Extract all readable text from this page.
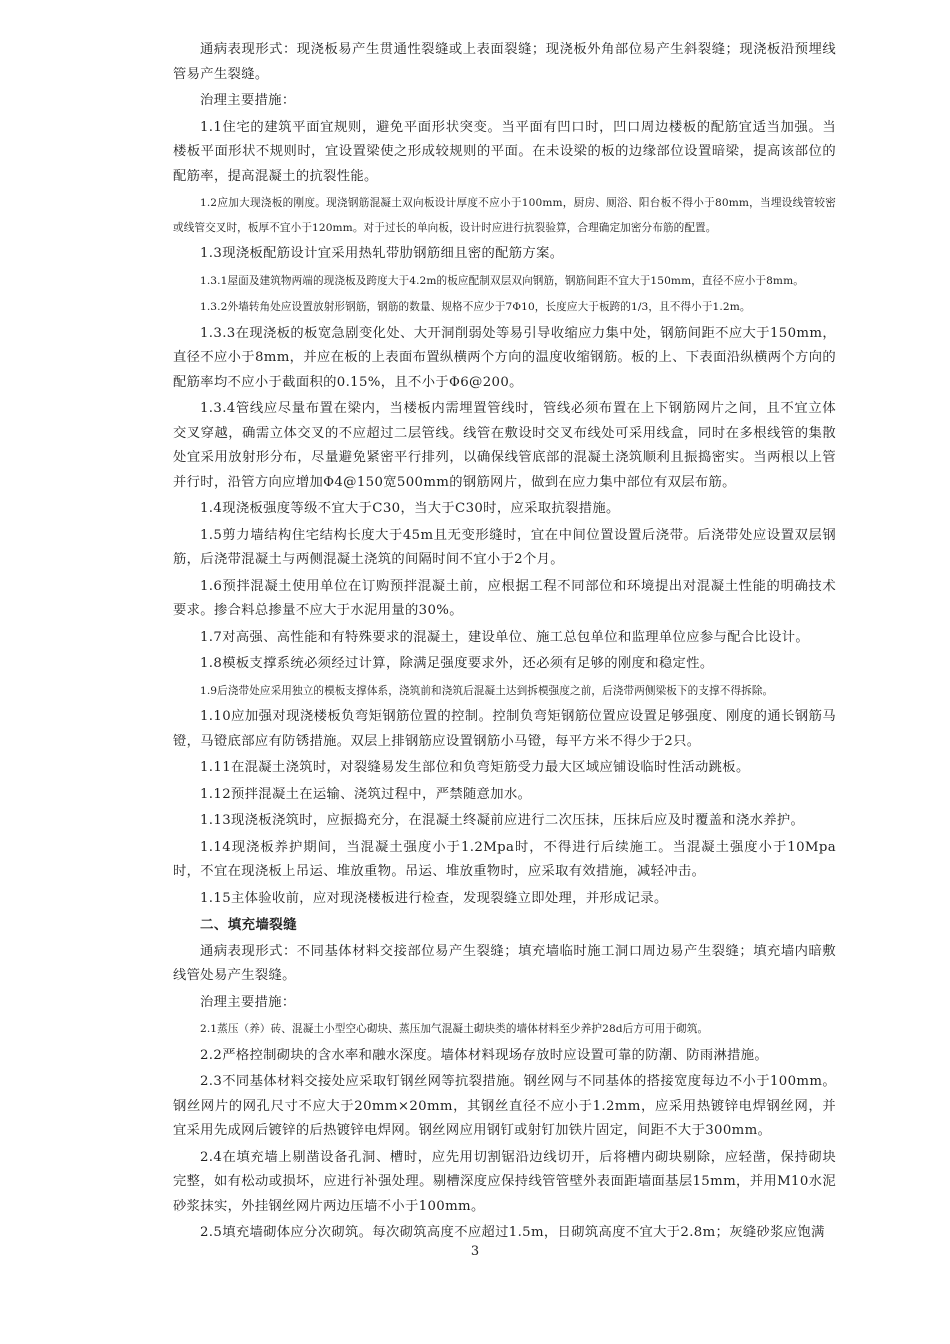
通病表现形式：现浇板易产生贯通性裂缝或上表面裂缝；现浇板外角部位易产生斜裂缝；现浇板沿预埋线管易产生裂缝。

治理主要措施：

1.1住宅的建筑平面宜规则，避免平面形状突变。当平面有凹口时，凹口周边楼板的配筋宜适当加强。当楼板平面形状不规则时，宜设置梁使之形成较规则的平面。在未设梁的板的边缘部位设置暗梁，提高该部位的配筋率，提高混凝土的抗裂性能。

1.2应加大现浇板的刚度。现浇钢筋混凝土双向板设计厚度不应小于100mm，厨房、厕浴、阳台板不得小于80mm，当埋设线管较密或线管交叉时，板厚不宜小于120mm。对于过长的单向板，设计时应进行抗裂验算，合理确定加密分布筋的配置。

1.3现浇板配筋设计宜采用热轧带肋钢筋细且密的配筋方案。

1.3.1屋面及建筑物两端的现浇板及跨度大于4.2m的板应配制双层双向钢筋，钢筋间距不宜大于150mm，直径不应小于8mm。

1.3.2外墙转角处应设置放射形钢筋，钢筋的数量、规格不应少于7Φ10，长度应大于板跨的1/3，且不得小于1.2m。

1.3.3在现浇板的板宽急剧变化处、大开洞削弱处等易引导收缩应力集中处，钢筋间距不应大于150mm，直径不应小于8mm，并应在板的上表面布置纵横两个方向的温度收缩钢筋。板的上、下表面沿纵横两个方向的配筋率均不应小于截面积的0.15%，且不小于Φ6@200。

1.3.4管线应尽量布置在梁内，当楼板内需埋置管线时，管线必须布置在上下钢筋网片之间，且不宜立体交叉穿越，确需立体交叉的不应超过二层管线。线管在敷设时交叉布线处可采用线盒，同时在多根线管的集散处宜采用放射形分布，尽量避免紧密平行排列，以确保线管底部的混凝土浇筑顺利且振捣密实。当两根以上管并行时，沿管方向应增加Φ4@150宽500mm的钢筋网片，做到在应力集中部位有双层布筋。

1.4现浇板强度等级不宜大于C30，当大于C30时，应采取抗裂措施。

1.5剪力墙结构住宅结构长度大于45m且无变形缝时，宜在中间位置设置后浇带。后浇带处应设置双层钢筋，后浇带混凝土与两侧混凝土浇筑的间隔时间不宜小于2个月。

1.6预拌混凝土使用单位在订购预拌混凝土前，应根据工程不同部位和环境提出对混凝土性能的明确技术要求。掺合料总掺量不应大于水泥用量的30%。

1.7对高强、高性能和有特殊要求的混凝土，建设单位、施工总包单位和监理单位应参与配合比设计。

1.8模板支撑系统必须经过计算，除满足强度要求外，还必须有足够的刚度和稳定性。

1.9后浇带处应采用独立的模板支撑体系，浇筑前和浇筑后混凝土达到拆模强度之前，后浇带两侧梁板下的支撑不得拆除。

1.10应加强对现浇楼板负弯矩钢筋位置的控制。控制负弯矩钢筋位置应设置足够强度、刚度的通长钢筋马镫，马镫底部应有防锈措施。双层上排钢筋应设置钢筋小马镫，每平方米不得少于2只。

1.11在混凝土浇筑时，对裂缝易发生部位和负弯矩筋受力最大区域应铺设临时性活动跳板。

1.12预拌混凝土在运输、浇筑过程中，严禁随意加水。

1.13现浇板浇筑时，应振捣充分，在混凝土终凝前应进行二次压抹，压抹后应及时覆盖和浇水养护。

1.14现浇板养护期间，当混凝土强度小于1.2Mpa时，不得进行后续施工。当混凝土强度小于10Mpa时，不宜在现浇板上吊运、堆放重物。吊运、堆放重物时，应采取有效措施，减轻冲击。

1.15主体验收前，应对现浇楼板进行检查，发现裂缝立即处理，并形成记录。

二、填充墙裂缝

通病表现形式：不同基体材料交接部位易产生裂缝；填充墙临时施工洞口周边易产生裂缝；填充墙内暗敷线管处易产生裂缝。

治理主要措施：

2.1蒸压（养）砖、混凝土小型空心砌块、蒸压加气混凝土砌块类的墙体材料至少养护28d后方可用于砌筑。

2.2严格控制砌块的含水率和融水深度。墙体材料现场存放时应设置可靠的防潮、防雨淋措施。

2.3不同基体材料交接处应采取钉钢丝网等抗裂措施。钢丝网与不同基体的搭接宽度每边不小于100mm。钢丝网片的网孔尺寸不应大于20mm×20mm，其钢丝直径不应小于1.2mm，应采用热镀锌电焊钢丝网，并宜采用先成网后镀锌的后热镀锌电焊网。钢丝网应用钢钉或射钉加铁片固定，间距不大于300mm。

2.4在填充墙上剔凿设备孔洞、槽时，应先用切割锯沿边线切开，后将槽内砌块剔除，应轻凿，保持砌块完整，如有松动或损坏，应进行补强处理。剔槽深度应保持线管管壁外表面距墙面基层15mm，并用M10水泥砂浆抹实，外挂钢丝网片两边压墙不小于100mm。

2.5填充墙砌体应分次砌筑。每次砌筑高度不应超过1.5m，日砌筑高度不宜大于2.8m；灰缝砂浆应饱满

3
